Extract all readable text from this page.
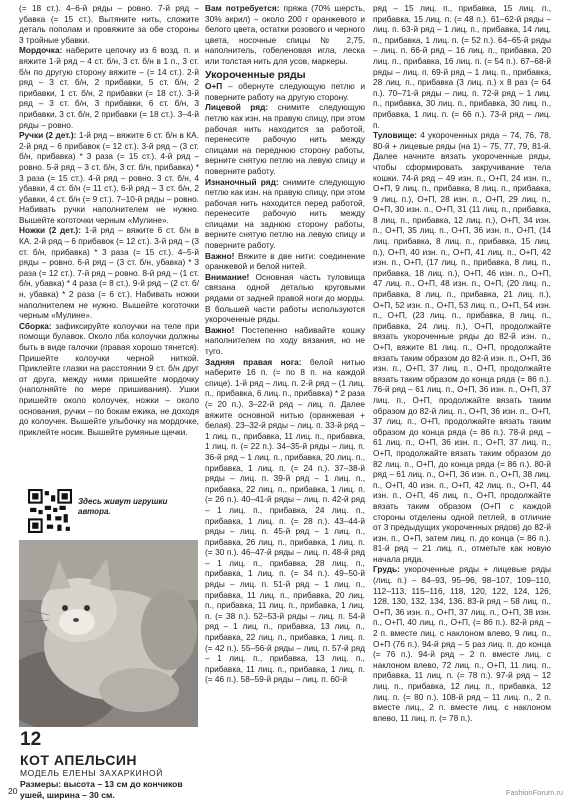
(= 18 ст.). 4–6-й ряды – ровно. 7-й ряд – убавка (= 15 ст.). Вытяните нить, сложите деталь пополам и провяжите за обе стороны 3 тройные убавки.

Мордочка: наберите цепочку из 6 возд. п. и вяжите 1-й ряд – 4 ст. б/н, 3 ст. б/н в 1 п., 3 ст. б/н по другую сторону вяжите – (= 14 ст.). 2-й ряд – 3 ст. б/н, 2 прибавки, 5 ст. б/н, 2 прибавки, 1 ст. б/н, 2 прибавки (= 18 ст.). 3-й ряд – 3 ст. б/н, 3 прибавки, 6 ст. б/н, 3 прибавки, 3 ст. б/н, 2 прибавки (= 18 ст.). 3–4-й ряды – ровно.

Ручки (2 дет.): 1-й ряд – вяжите 6 ст. б/н в КА. 2-й ряд – 6 прибавок (= 12 ст.). 3-й ряд – (3 ст. б/н, прибавка) * 3 раза (= 15 ст.). 4-й ряд – ровно. 5-й ряд – 3 ст. б/н, 3 ст. б/н, прибавка) * 3 раза (= 15 ст.). 4-й ряд – ровно. 3 ст. б/н, 4 убавки, 4 ст. б/н (= 11 ст.). 6-й ряд – 3 ст. б/н, 2 убавки, 4 ст. б/н (= 9 ст.). 7–10-й ряды – ровно. Набивать ручки наполнителем не нужно. Вышейте коготочки черным «Мулине».

Ножки (2 дет.): 1-й ряд – вяжите 6 ст. б/н в КА. 2-й ряд – 6 прибавок (= 12 ст.). 3-й ряд – (3 ст. б/н, прибавка) * 3 раза (= 15 ст.). 4–5-й ряды – ровно. 6-й ряд – (3 ст. б/н, убавка) * 3 раза (= 12 ст.). 7-й ряд – ровно. 8-й ряд – (1 ст. б/н, убавка) * 4 раза (= 8 ст.). 9-й ряд – (2 ст. б/н, убавка) * 2 раза (= 6 ст.). Набивать ножки наполнителем не нужно. Вышейте коготочки черным «Мулине».

Сборка: зафиксируйте колоучки на теле при помощи булавок. Около лба колоучки должны быть в виде галочки (правая хорошо тянется). Пришейте колоучки черной ниткой. Приклейте глазки на расстоянии 9 ст. б/н друг от друга, между ними пришейте мордочку (наполняйте по мере пришивания). Ушки пришейте около колоучек, ножки – около основания, ручки – по бокам ежика, не доходя до колоучек. Вышейте улыбочку на мордочке, приклейте носик. Вышейте румяные щечки.

Вам потребуется: пряжа (70% шерсть, 30% акрил) – около 200 г оранжевого и белого цвета, остатки розового и черного цвета, носочные спицы № 2,75, наполнитель, гобеленовая игла, леска или толстая нить для усов, маркеры.

Укороченные ряды

О+П – обернуте следующую петлю и поверните работу на другую сторону.

Лицевой ряд: снимите следующую петлю как изн. на правую спицу, при этом рабочая нить находится за работой, перенесите рабочую нить между спицами на переднюю сторону работы, верните снятую петлю на левую спицу и поверните работу.

Изнаночный ряд: снимите следующую петлю как изн. на правую спицу, при этом рабочая нить находится перед работой, перенесите рабочую нить между спицами на заднюю сторону работы, верните снятую петлю на левую спицу и поверните работу.

Важно! Вяжите в две нити: соединение оранжевой и белой нитей.

Внимание! Основная часть туловища связана одной деталью круговыми рядами от задней правой ноги до морды. В большей части работы используются укороченные ряды.

Важно! Постепенно набивайте кошку наполнителем по ходу вязания, но не туго.

Задняя правая нога: белой нитью наберите 16 п. (= по 8 п. на каждой спице). 1-й ряд – лиц. п. 2-й ряд – (1 лиц. п., прибавка, 6 лиц. п., прибавка) * 2 раза (= 20 п.). 3–22-й ряд – лиц. п. Далее вяжите основной нитью (оранжевая + белая). 23–32-й ряды – лиц. п. 33-й ряд – 1 лиц. п., прибавка, 11 лиц. п., прибавка, 1 лиц. п. (= 22 п.). 34–35-й ряды – лиц. п. 36-й ряд – 1 лиц. п., прибавка, 20 лиц. п., прибавка, 1 лиц. п. (= 24 п.). 37–38-й ряды – лиц. п. 39-й ряд – 1 лиц. п., прибавка, 22 лиц. п., прибавка, 1 лиц. п. (= 26 п.). 40–41-й ряды – лиц. п. 42-й ряд – 1 лиц. п., прибавка, 24 лиц. п., прибавка, 1 лиц. п. (= 28 п.). 43–44-й ряды – лиц. п. 45-й ряд – 1 лиц. п., прибавка, 26 лиц. п., прибавка, 1 лиц. п. (= 30 п.). 46–47-й ряды – лиц. п. 48-й ряд – 1 лиц. п., прибавка, 28 лиц. п., прибавка, 1 лиц. п. (= 34 п.). 49–50-й ряды – лиц. п. 51-й ряд – 1 лиц. п., прибавка, 11 лиц. п., прибавка, 20 лиц. п., прибавка, 11 лиц. п., прибавка, 1 лиц. п. (= 38 п.). 52–53-й ряды – лиц. п. 54-й ряд – 1 лиц. п., прибавка, 13 лиц. п., прибавка, 22 лиц. п., прибавка, 1 лиц. п. (= 42 п.). 55–56-й ряды – лиц. п. 57-й ряд – 1 лиц. п., прибавка, 13 лиц. п., прибавка, 11 лиц. п., прибавка, 1 лиц. п. (= 46 п.). 58–59-й ряды – лиц. п. 60-й

ряд – 15 лиц. п., прибавка, 15 лиц. п., прибавка, 15 лиц. п. (= 48 п.). 61–62-й ряды – лиц. п. 63-й ряд – 1 лиц. п., прибавка, 14 лиц. п., прибавка, 1 лиц. п. (= 52 п.). 64–65-й ряды – лиц. п. 66-й ряд – 16 лиц. п., прибавка, 20 лиц. п., прибавка, 16 лиц. п. (= 54 п.). 67–68-й ряды – лиц. п. 69-й ряд – 1 лиц. п., прибавка, 28 лиц. п., прибавка (3 лиц. п.) x 8 раз (= 64 п.). 70–71-й ряды – лиц. п. 72-й ряд – 1 лиц. п., прибавка, 30 лиц. п., прибавка, 30 лиц. п., прибавка, 1 лиц. п. (= 66 п.). 73-й ряд – лиц. п.

Туловище: 4 укороченных ряда – 74, 76, 78, 80-й + лицевые ряды (на 1) – 75, 77, 79, 81-й. Далее начните вязать укороченные ряды, чтобы сформировать закручивание тела кошки. 74-й ряд – 49 изн. п., О+П, 24 изн. п., О+П, 9 лиц. п., прибавка, 8 лиц. п., прибавка, 9 лиц. п.), О+П, 28 изн. п., О+П, 29 лиц. п., О+П, 30 изн. п., О+П, 31 (11 лиц. п., прибавка, 8 лиц. п., прибавка, 12 лиц. п.), О+П, 34 изн. п., О+П, 35 лиц. п., О+П, 36 изн. п., О+П, (14 лиц. прибавка, 8 лиц. п., прибавка, 15 лиц. п.), О+П, 40 изн. п., О+П, 41 лиц. п., О+П, 42 изн. п., О+П, (17 лиц. п., прибавка, 8 лиц. п., прибавка, 18 лиц. п.), О+П, 46 изн. п., О+П, 47 лиц. п., О+П, 48 изн. п., О+П, (20 лиц. п., прибавка, 8 лиц. п., прибавка, 21 лиц. п.), О+П, 52 изн. п., О+П, 53 лиц. п., О+П, 54 изн. п., О+П, (23 лиц. п., прибавка, 8 лиц. п., прибавка, 24 лиц. п.), О+П, продолжайте вязать укороченные ряды до 82-й изн. п., О+П, вяжите 81 лиц. п., О+П, продолжайте вязать таким образом до 82-й изн. п., О+П, 36 изн. п., О+П, 37 лиц. п., О+П, продолжайте вязать таким образом до конца ряда (= 86 п.). 76-й ряд – 61 лиц. п., О+П, 36 изн. п., О+П, 37 лиц. п., О+П, продолжайте вязать таким образом до 82-й лиц. п., О+П, 36 изн. п., О+П, 37 лиц. п., О+П, продолжайте вязать таким образом до конца ряда (= 86 п.). 78-й ряд – 61 лиц. п., О+П, 36 изн. п., О+П, 37 лиц. п., О+П, продолжайте вязать таким образом до 82 лиц. п., О+П, до конца ряда (= 86 п.). 80-й ряд – 61 лиц. п., О+П, 36 изн. п., О+П, 38 лиц. п., О+П, 40 изн. п., О+П, 42 лиц. п., О+П, 44 изн. п., О+П, 46 лиц. п., О+П, продолжайте вязать таким образом (О+П с каждой стороны отделены одной петлей, в отличие от 3 предыдущих укороченных рядов) до 82-й изн. п., О+П, затем лиц. п. до конца (= 86 п.). 81-й ряд – 21 лиц. п., отметьте как новую начала ряда.

Грудь: укороченные ряды + лицевые ряды (лиц. п.) – 84–93, 95–96, 98–107, 109–110, 112–113, 115–116, 118, 120, 122, 124, 126, 128, 130, 132, 134, 136. 83-й ряд – 58 лиц. п., О+П, 36 изн. п., О+П, 37 лиц. п., О+П, 38 изн. п., О+П, 40 лиц. п., О+П, (= 86 п.). 82-й ряд – 2 п. вместе лиц. с наклоном влево, 9 лиц. п., О+П (76 п.). 94-й ряд – 5 раз лиц. п. до конца (= 76 п.). 94-й ряд – 2 п. вместе лиц. с наклоном влево, 72 лиц. п., О+П, 11 лиц. п., прибавка, 11 лиц. п. (= 78 п.). 97-й ряд – 12 лиц. п., прибавка, 12 лиц. п., прибавка, 12 лиц. п. (= 80 п.). 108-й ряд – 11 лиц. п., 2 п. вместе лиц., 2 п. вместе лиц. с наклоном влево, 11 лиц. п. (= 78 п.).

Здесь живут игрушки автора.
12
КОТ АПЕЛЬСИН
МОДЕЛЬ ЕЛЕНЫ ЗАХАРКИНОЙ
Размеры: высота – 13 см до кончиков ушей, ширина – 30 см.
20	FashionForum.ru
